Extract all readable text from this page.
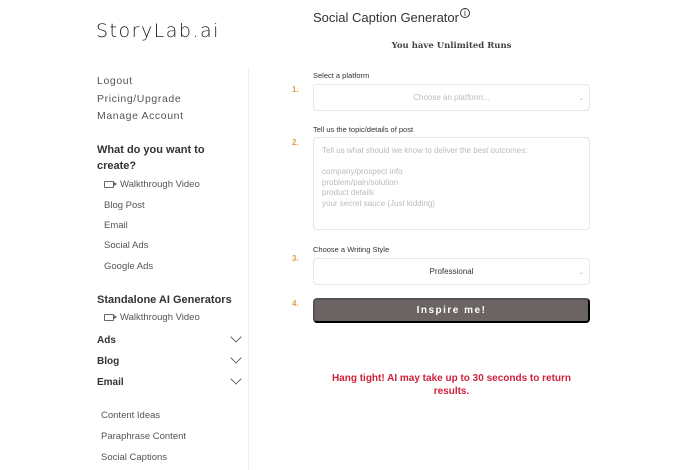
StoryLab.ai
Logout
Pricing/Upgrade
Manage Account
What do you want to create?
Walkthrough Video
Blog Post
Email
Social Ads
Google Ads
Standalone AI Generators
Walkthrough Video
Ads
Blog
Email
Content Ideas
Paraphrase Content
Social Captions
Social Caption Generator $^i$
You have Unlimited Runs
Select a platform
1.
Choose an platform...	⌄
Tell us the topic/details of post
2.
Tell us what should we know to deliver the best outcomes:

company/prospect info
problem/pain/solution
product details
your secret sauce (Just kidding)
Choose a Writing Style
3.
Professional	⌄
4.
Inspire me!
Hang tight! AI may take up to 30 seconds to return results.
